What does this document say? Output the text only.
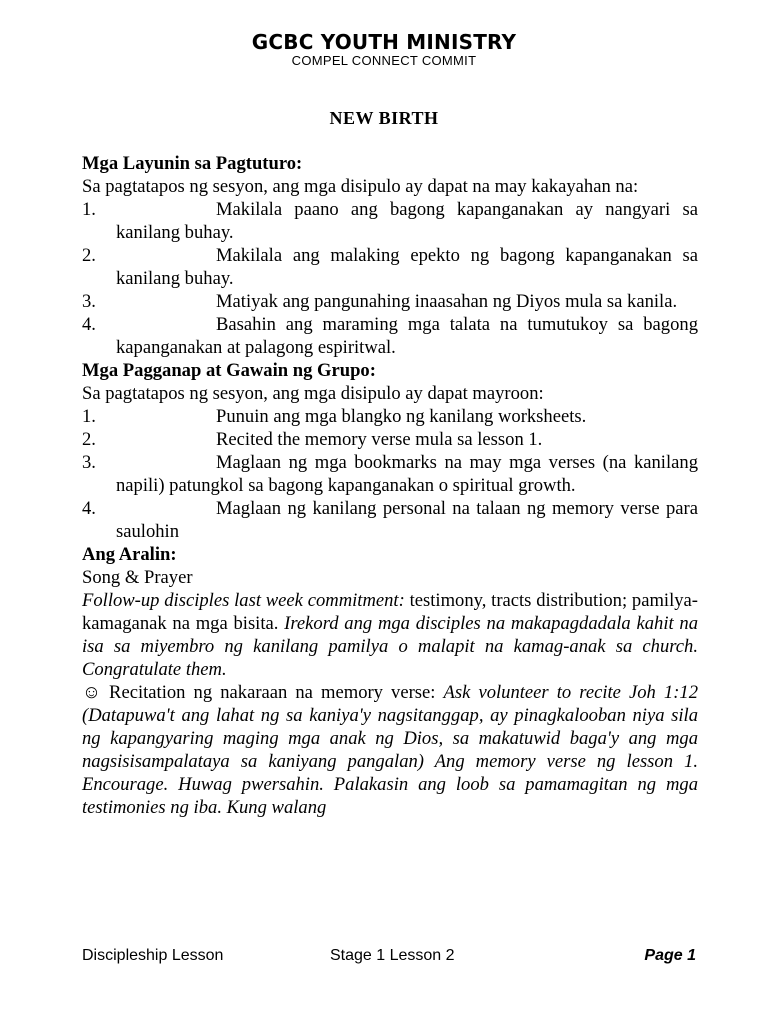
GCBC YOUTH MINISTRY
COMPEL CONNECT COMMIT
NEW BIRTH
Mga Layunin sa Pagtuturo:
Sa pagtatapos ng sesyon, ang mga disipulo ay dapat na may kakayahan na:
1.	Makilala paano ang bagong kapanganakan ay nangyari sa kanilang buhay.
2.	Makilala ang malaking epekto ng bagong kapanganakan sa kanilang buhay.
3.	Matiyak ang pangunahing inaasahan ng Diyos mula sa kanila.
4.	Basahin ang maraming mga talata na tumutukoy sa bagong kapanganakan at palagong espiritwal.
Mga Pagganap at Gawain ng Grupo:
Sa pagtatapos ng sesyon, ang mga disipulo ay dapat mayroon:
1.	Punuin ang mga blangko ng kanilang worksheets.
2.	Recited the memory verse mula sa lesson 1.
3.	Maglaan ng mga bookmarks na may mga verses (na kanilang napili) patungkol sa bagong kapanganakan o spiritual growth.
4.	Maglaan ng kanilang personal na talaan ng memory verse para saulohin
Ang Aralin:
Song & Prayer
Follow-up disciples last week commitment: testimony, tracts distribution; pamilya-kamaganak na mga bisita. Irekord ang mga disciples na makapagdadala kahit na isa sa miyembro ng kanilang pamilya o malapit na kamag-anak sa church. Congratulate them.
☺ Recitation ng nakaraan na memory verse: Ask volunteer to recite Joh 1:12 (Datapuwa't ang lahat ng sa kaniya'y nagsitanggap, ay pinagkalooban niya sila ng kapangyaring maging mga anak ng Dios, sa makatuwid baga'y ang mga nagsisisampalataya sa kaniyang pangalan) Ang memory verse ng lesson 1. Encourage. Huwag pwersahin. Palakasin ang loob sa pamamagitan ng mga testimonies ng iba. Kung walang
Discipleship Lesson	Stage 1 Lesson 2	Page 1
